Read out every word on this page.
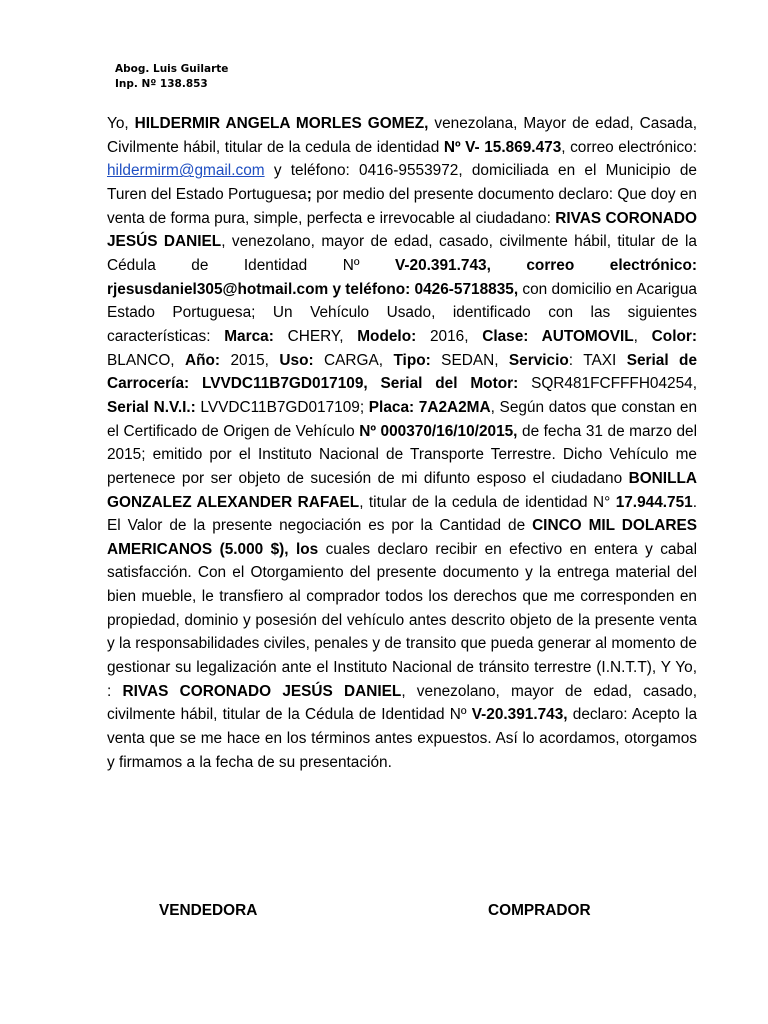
Abog. Luis Guilarte
Inp. Nº 138.853

Yo, HILDERMIR ANGELA MORLES GOMEZ, venezolana, Mayor de edad, Casada, Civilmente hábil, titular de la cedula de identidad Nº V- 15.869.473, correo electrónico: hildermirm@gmail.com y teléfono: 0416-9553972, domiciliada en el Municipio de Turen del Estado Portuguesa; por medio del presente documento declaro: Que doy en venta de forma pura, simple, perfecta e irrevocable al ciudadano: RIVAS CORONADO JESÚS DANIEL, venezolano, mayor de edad, casado, civilmente hábil, titular de la Cédula de Identidad Nº V-20.391.743, correo electrónico: rjesusdaniel305@hotmail.com y teléfono: 0426-5718835, con domicilio en Acarigua Estado Portuguesa; Un Vehículo Usado, identificado con las siguientes características: Marca: CHERY, Modelo: 2016, Clase: AUTOMOVIL, Color: BLANCO, Año: 2015, Uso: CARGA, Tipo: SEDAN, Servicio: TAXI Serial de Carrocería: LVVDC11B7GD017109, Serial del Motor: SQR481FCFFFH04254, Serial N.V.I.: LVVDC11B7GD017109; Placa: 7A2A2MA, Según datos que constan en el Certificado de Origen de Vehículo Nº 000370/16/10/2015, de fecha 31 de marzo del 2015; emitido por el Instituto Nacional de Transporte Terrestre. Dicho Vehículo me pertenece por ser objeto de sucesión de mi difunto esposo el ciudadano BONILLA GONZALEZ ALEXANDER RAFAEL, titular de la cedula de identidad N° 17.944.751. El Valor de la presente negociación es por la Cantidad de CINCO MIL DOLARES AMERICANOS (5.000 $), los cuales declaro recibir en efectivo en entera y cabal satisfacción. Con el Otorgamiento del presente documento y la entrega material del bien mueble, le transfiero al comprador todos los derechos que me corresponden en propiedad, dominio y posesión del vehículo antes descrito objeto de la presente venta y la responsabilidades civiles, penales y de transito que pueda generar al momento de gestionar su legalización ante el Instituto Nacional de tránsito terrestre (I.N.T.T), Y Yo, : RIVAS CORONADO JESÚS DANIEL, venezolano, mayor de edad, casado, civilmente hábil, titular de la Cédula de Identidad Nº V-20.391.743, declaro: Acepto la venta que se me hace en los términos antes expuestos. Así lo acordamos, otorgamos y firmamos a la fecha de su presentación.

VENDEDORA	COMPRADOR
